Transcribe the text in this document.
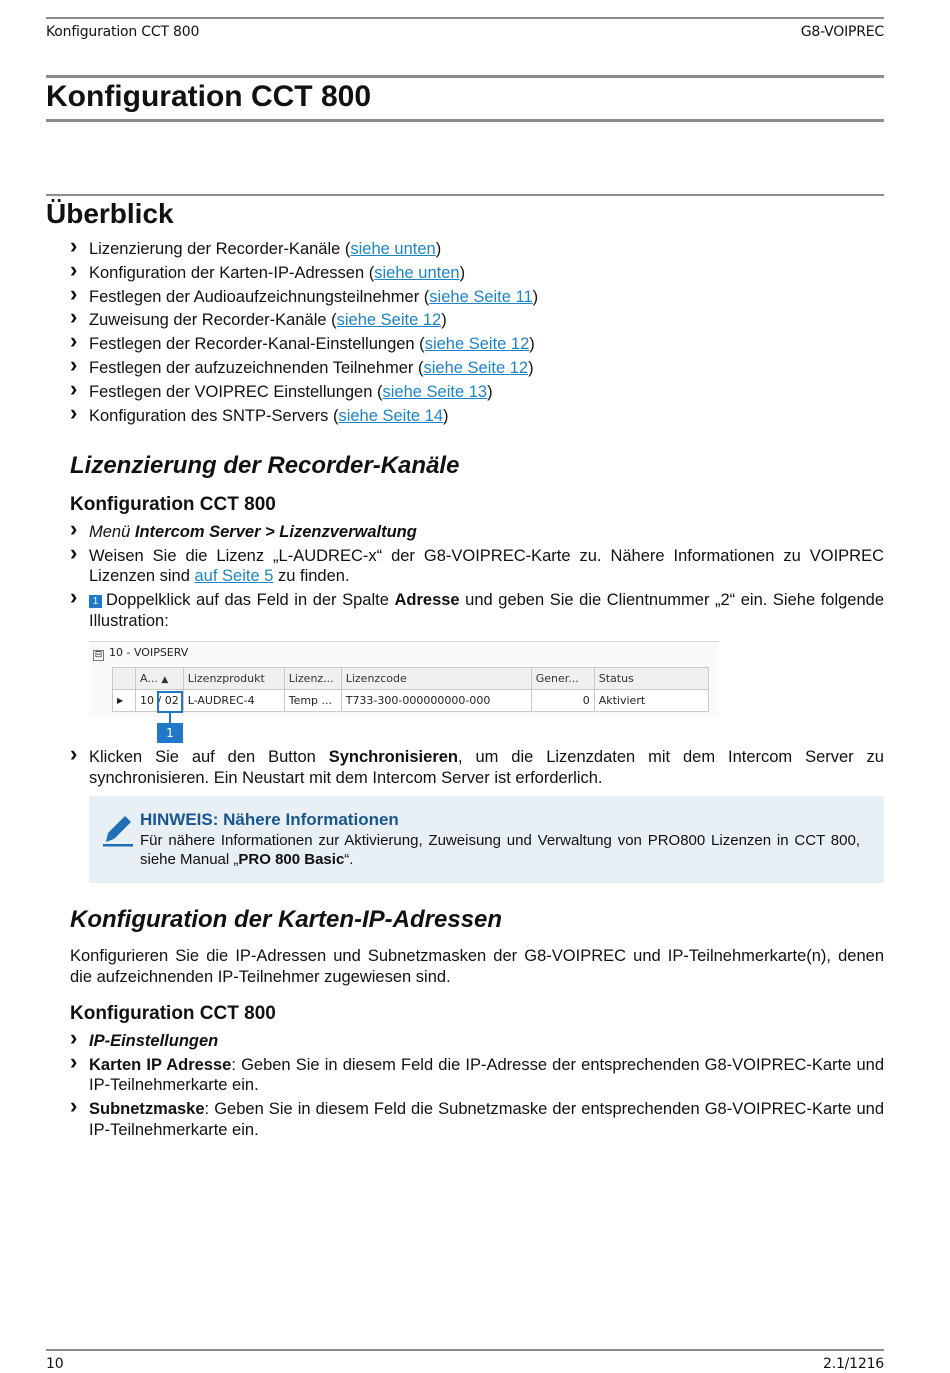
Konfiguration CCT 800	G8-VOIPREC
Konfiguration CCT 800
Überblick
› Lizenzierung der Recorder-Kanäle (siehe unten)
› Konfiguration der Karten-IP-Adressen (siehe unten)
› Festlegen der Audioaufzeichnungsteilnehmer (siehe Seite 11)
› Zuweisung der Recorder-Kanäle (siehe Seite 12)
› Festlegen der Recorder-Kanal-Einstellungen (siehe Seite 12)
› Festlegen der aufzuzeichnenden Teilnehmer (siehe Seite 12)
› Festlegen der VOIPREC Einstellungen (siehe Seite 13)
› Konfiguration des SNTP-Servers (siehe Seite 14)
Lizenzierung der Recorder-Kanäle
Konfiguration CCT 800
› Menü Intercom Server > Lizenzverwaltung
› Weisen Sie die Lizenz „L-AUDREC-x“ der G8-VOIPREC-Karte zu. Nähere Informationen zu VOIPREC Lizenzen sind auf Seite 5 zu finden.
› 1 Doppelklick auf das Feld in der Spalte Adresse und geben Sie die Clientnummer „2“ ein. Siehe folgende Illustration:
⊟ 10 - VOIPSERV
	A... ▲	Lizenzprodukt	Lizenz...	Lizenzcode	Gener...	Status
▶	10 / 02	L-AUDREC-4	Temp ...	T733-300-000000000-000	0	Aktiviert
1
› Klicken Sie auf den Button Synchronisieren, um die Lizenzdaten mit dem Intercom Server zu synchronisieren. Ein Neustart mit dem Intercom Server ist erforderlich.
HINWEIS: Nähere Informationen
Für nähere Informationen zur Aktivierung, Zuweisung und Verwaltung von PRO800 Lizenzen in CCT 800, siehe Manual „PRO 800 Basic“.
Konfiguration der Karten-IP-Adressen

Konfigurieren Sie die IP-Adressen und Subnetzmasken der G8-VOIPREC und IP-Teilnehmerkarte(n), denen die aufzeichnenden IP-Teilnehmer zugewiesen sind.

Konfiguration CCT 800
› IP-Einstellungen
› Karten IP Adresse: Geben Sie in diesem Feld die IP-Adresse der entsprechenden G8-VOIPREC-Karte und IP-Teilnehmerkarte ein.
› Subnetzmaske: Geben Sie in diesem Feld die Subnetzmaske der entsprechenden G8-VOIPREC-Karte und IP-Teilnehmerkarte ein.
10	2.1/1216
